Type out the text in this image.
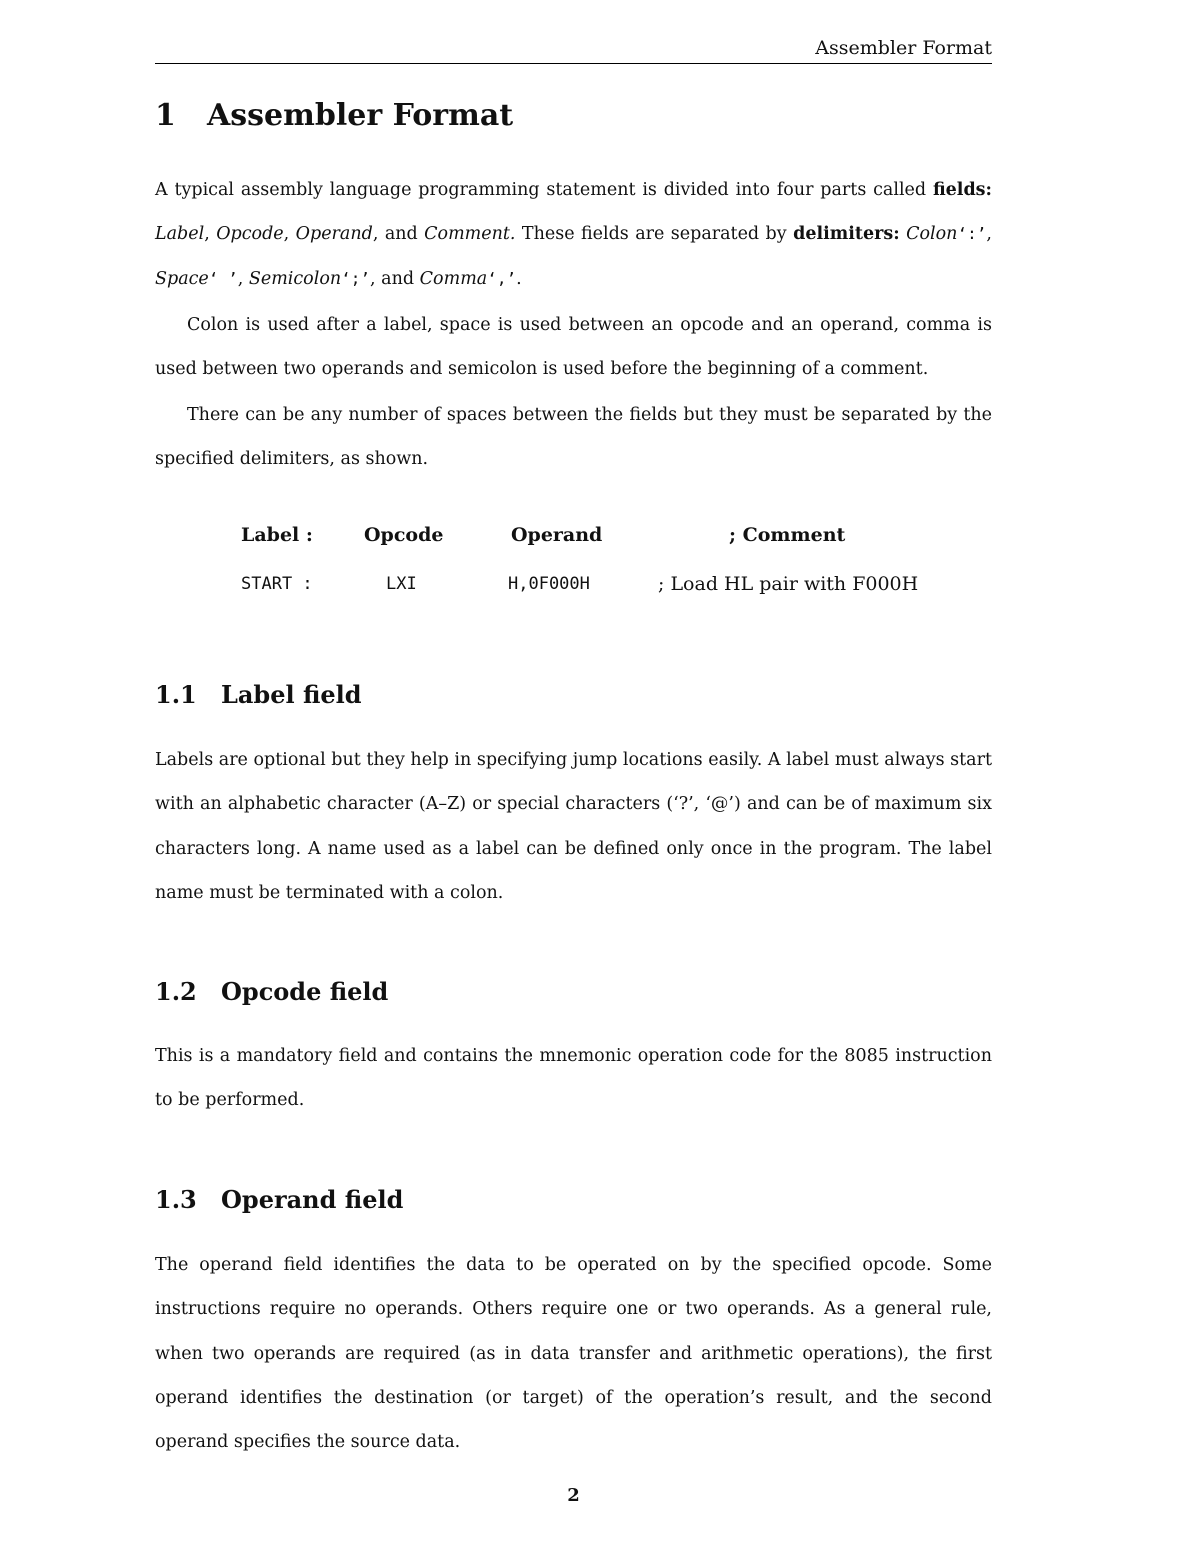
Assembler Format
1 Assembler Format
A typical assembly language programming statement is divided into four parts called fields: Label, Opcode, Operand, and Comment. These fields are separated by delimiters: Colon‘:’, Space‘ ’, Semicolon‘;’, and Comma‘,’.
Colon is used after a label, space is used between an opcode and an operand, comma is used between two operands and semicolon is used before the beginning of a comment.
There can be any number of spaces between the fields but they must be separated by the specified delimiters, as shown.
Label :	Opcode	Operand	; Comment
START :	LXI	H,0F000H	; Load HL pair with F000H
1.1 Label field
Labels are optional but they help in specifying jump locations easily. A label must always start with an alphabetic character (A–Z) or special characters (‘?’, ‘@’) and can be of maximum six characters long. A name used as a label can be defined only once in the program. The label name must be terminated with a colon.
1.2 Opcode field
This is a mandatory field and contains the mnemonic operation code for the 8085 instruction to be performed.
1.3 Operand field
The operand field identifies the data to be operated on by the specified opcode. Some instructions require no operands. Others require one or two operands. As a general rule, when two operands are required (as in data transfer and arithmetic operations), the first operand identifies the destination (or target) of the operation’s result, and the second operand specifies the source data.
2
